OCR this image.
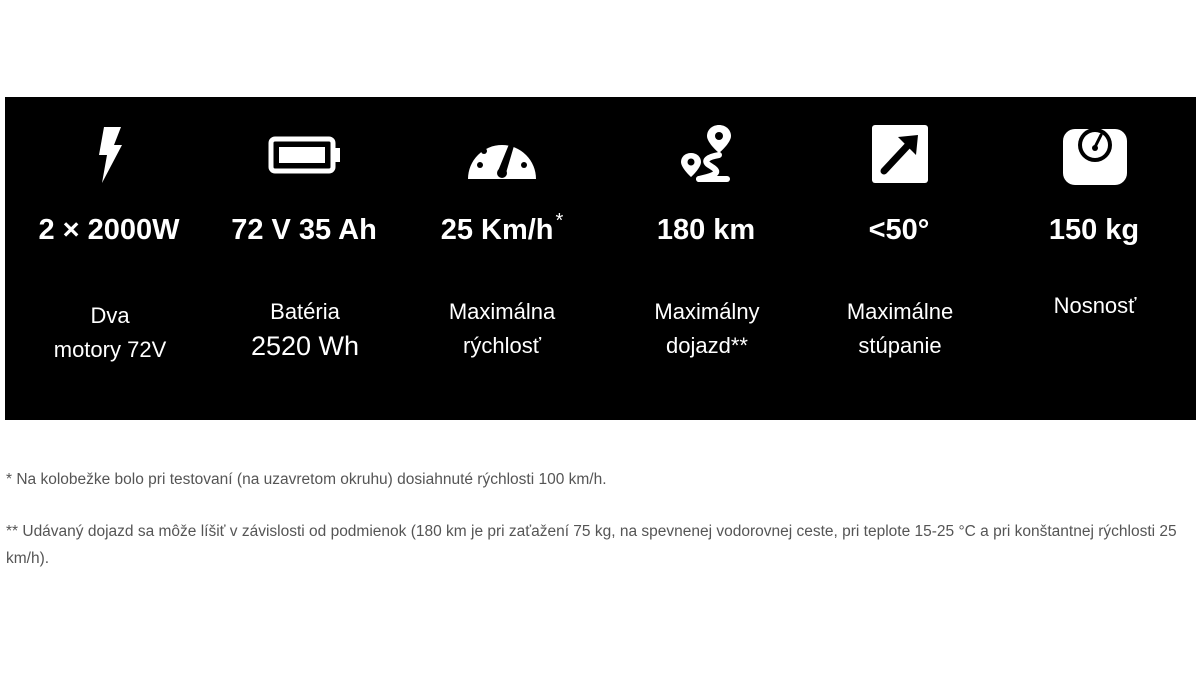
2 × 2000W
Dva
motory 72V
72 V 35 Ah
Batéria
2520 Wh
25 Km/h *
Maximálna
rýchlosť
180 km
Maximálny
dojazd**
<50°
Maximálne
stúpanie
150 kg
Nosnosť

* Na kolobežke bolo pri testovaní (na uzavretom okruhu) dosiahnuté rýchlosti 100 km/h.

** Udávaný dojazd sa môže líšiť v závislosti od podmienok (180 km je pri zaťažení 75 kg, na spevnenej vodorovnej ceste, pri teplote 15-25 °C a pri konštantnej rýchlosti 25 km/h).
